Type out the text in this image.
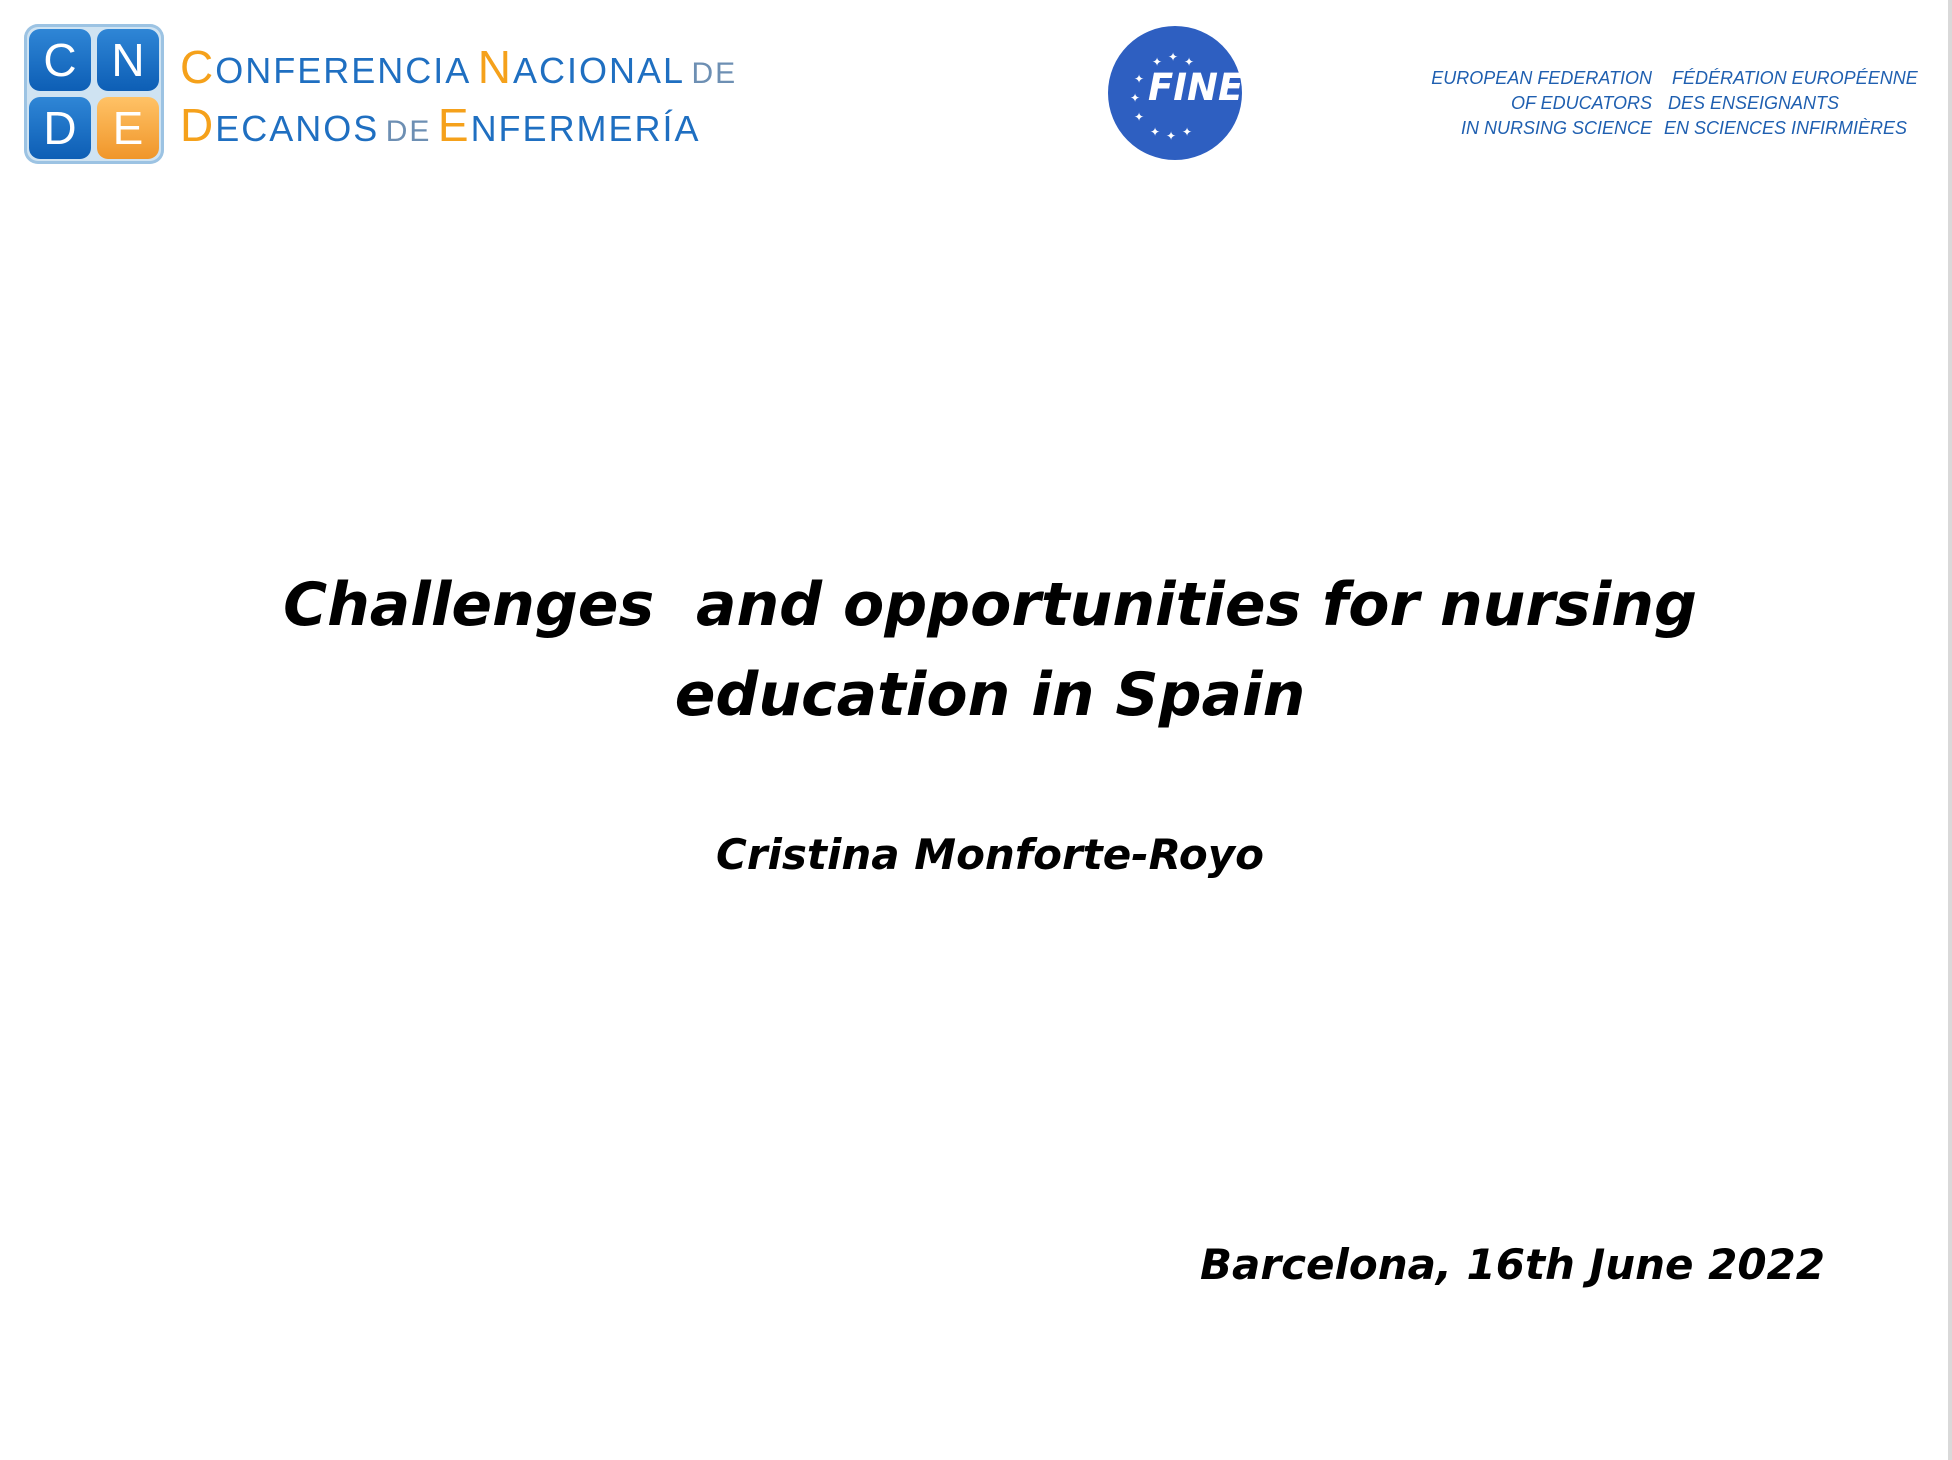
C N
D E
CONFERENCIA NACIONAL DE
DECANOS DE ENFERMERÍA
✦ ✦ ✦
✦
✦
✦
✦ ✦ ✦
FINE	EUROPEAN FEDERATION
OF EDUCATORS
IN NURSING SCIENCE
FÉDÉRATION EUROPÉENNE
DES ENSEIGNANTS
EN SCIENCES INFIRMIÈRES
Challenges  and opportunities for nursing
education in Spain
Cristina Monforte-Royo
Barcelona, 16th June 2022
